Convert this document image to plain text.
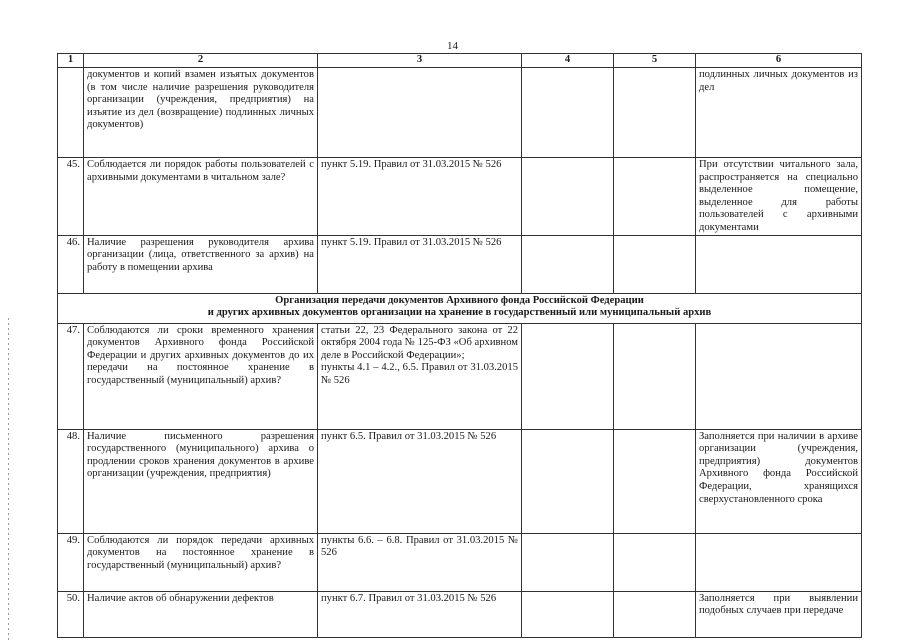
14
1	2	3	4	5	6
	документов и копий взамен изъятых документов (в том числе наличие разрешения руководителя организации (учреждения, предприятия) на изъятие из дел (возвращение) подлинных личных документов)				подлинных личных документов из дел
45.	Соблюдается ли порядок работы пользователей с архивными документами в читальном зале?	пункт 5.19. Правил от 31.03.2015 № 526			При отсутствии читального зала, распространяется на специально выделенное помещение, выделенное для работы пользователей с архивными документами
46.	Наличие разрешения руководителя архива организации (лица, ответственного за архив) на работу в помещении архива	пункт 5.19. Правил от 31.03.2015 № 526			
Организация передачи документов Архивного фонда Российской Федерации
и других архивных документов организации на хранение в государственный или муниципальный архив					
47.	Соблюдаются ли сроки временного хранения документов Архивного фонда Российской Федерации и других архивных документов до их передачи на постоянное хранение в государственный (муниципальный) архив?	статьи 22, 23 Федерального закона от 22 октября 2004 года № 125-ФЗ «Об архивном деле в Российской Федерации»;
пункты 4.1 – 4.2., 6.5. Правил от 31.03.2015 № 526			
48.	Наличие письменного разрешения государственного (муниципального) архива о продлении сроков хранения документов в архиве организации (учреждения, предприятия)	пункт 6.5. Правил от 31.03.2015 № 526			Заполняется при наличии в архиве организации (учреждения, предприятия) документов Архивного фонда Российской Федерации, хранящихся сверхустановленного срока
49.	Соблюдаются ли порядок передачи архивных документов на постоянное хранение в государственный (муниципальный) архив?	пункты 6.6. – 6.8. Правил от 31.03.2015 № 526			
50.	Наличие актов об обнаружении дефектов	пункт 6.7. Правил от 31.03.2015 № 526			Заполняется при выявлении подобных случаев при передаче
